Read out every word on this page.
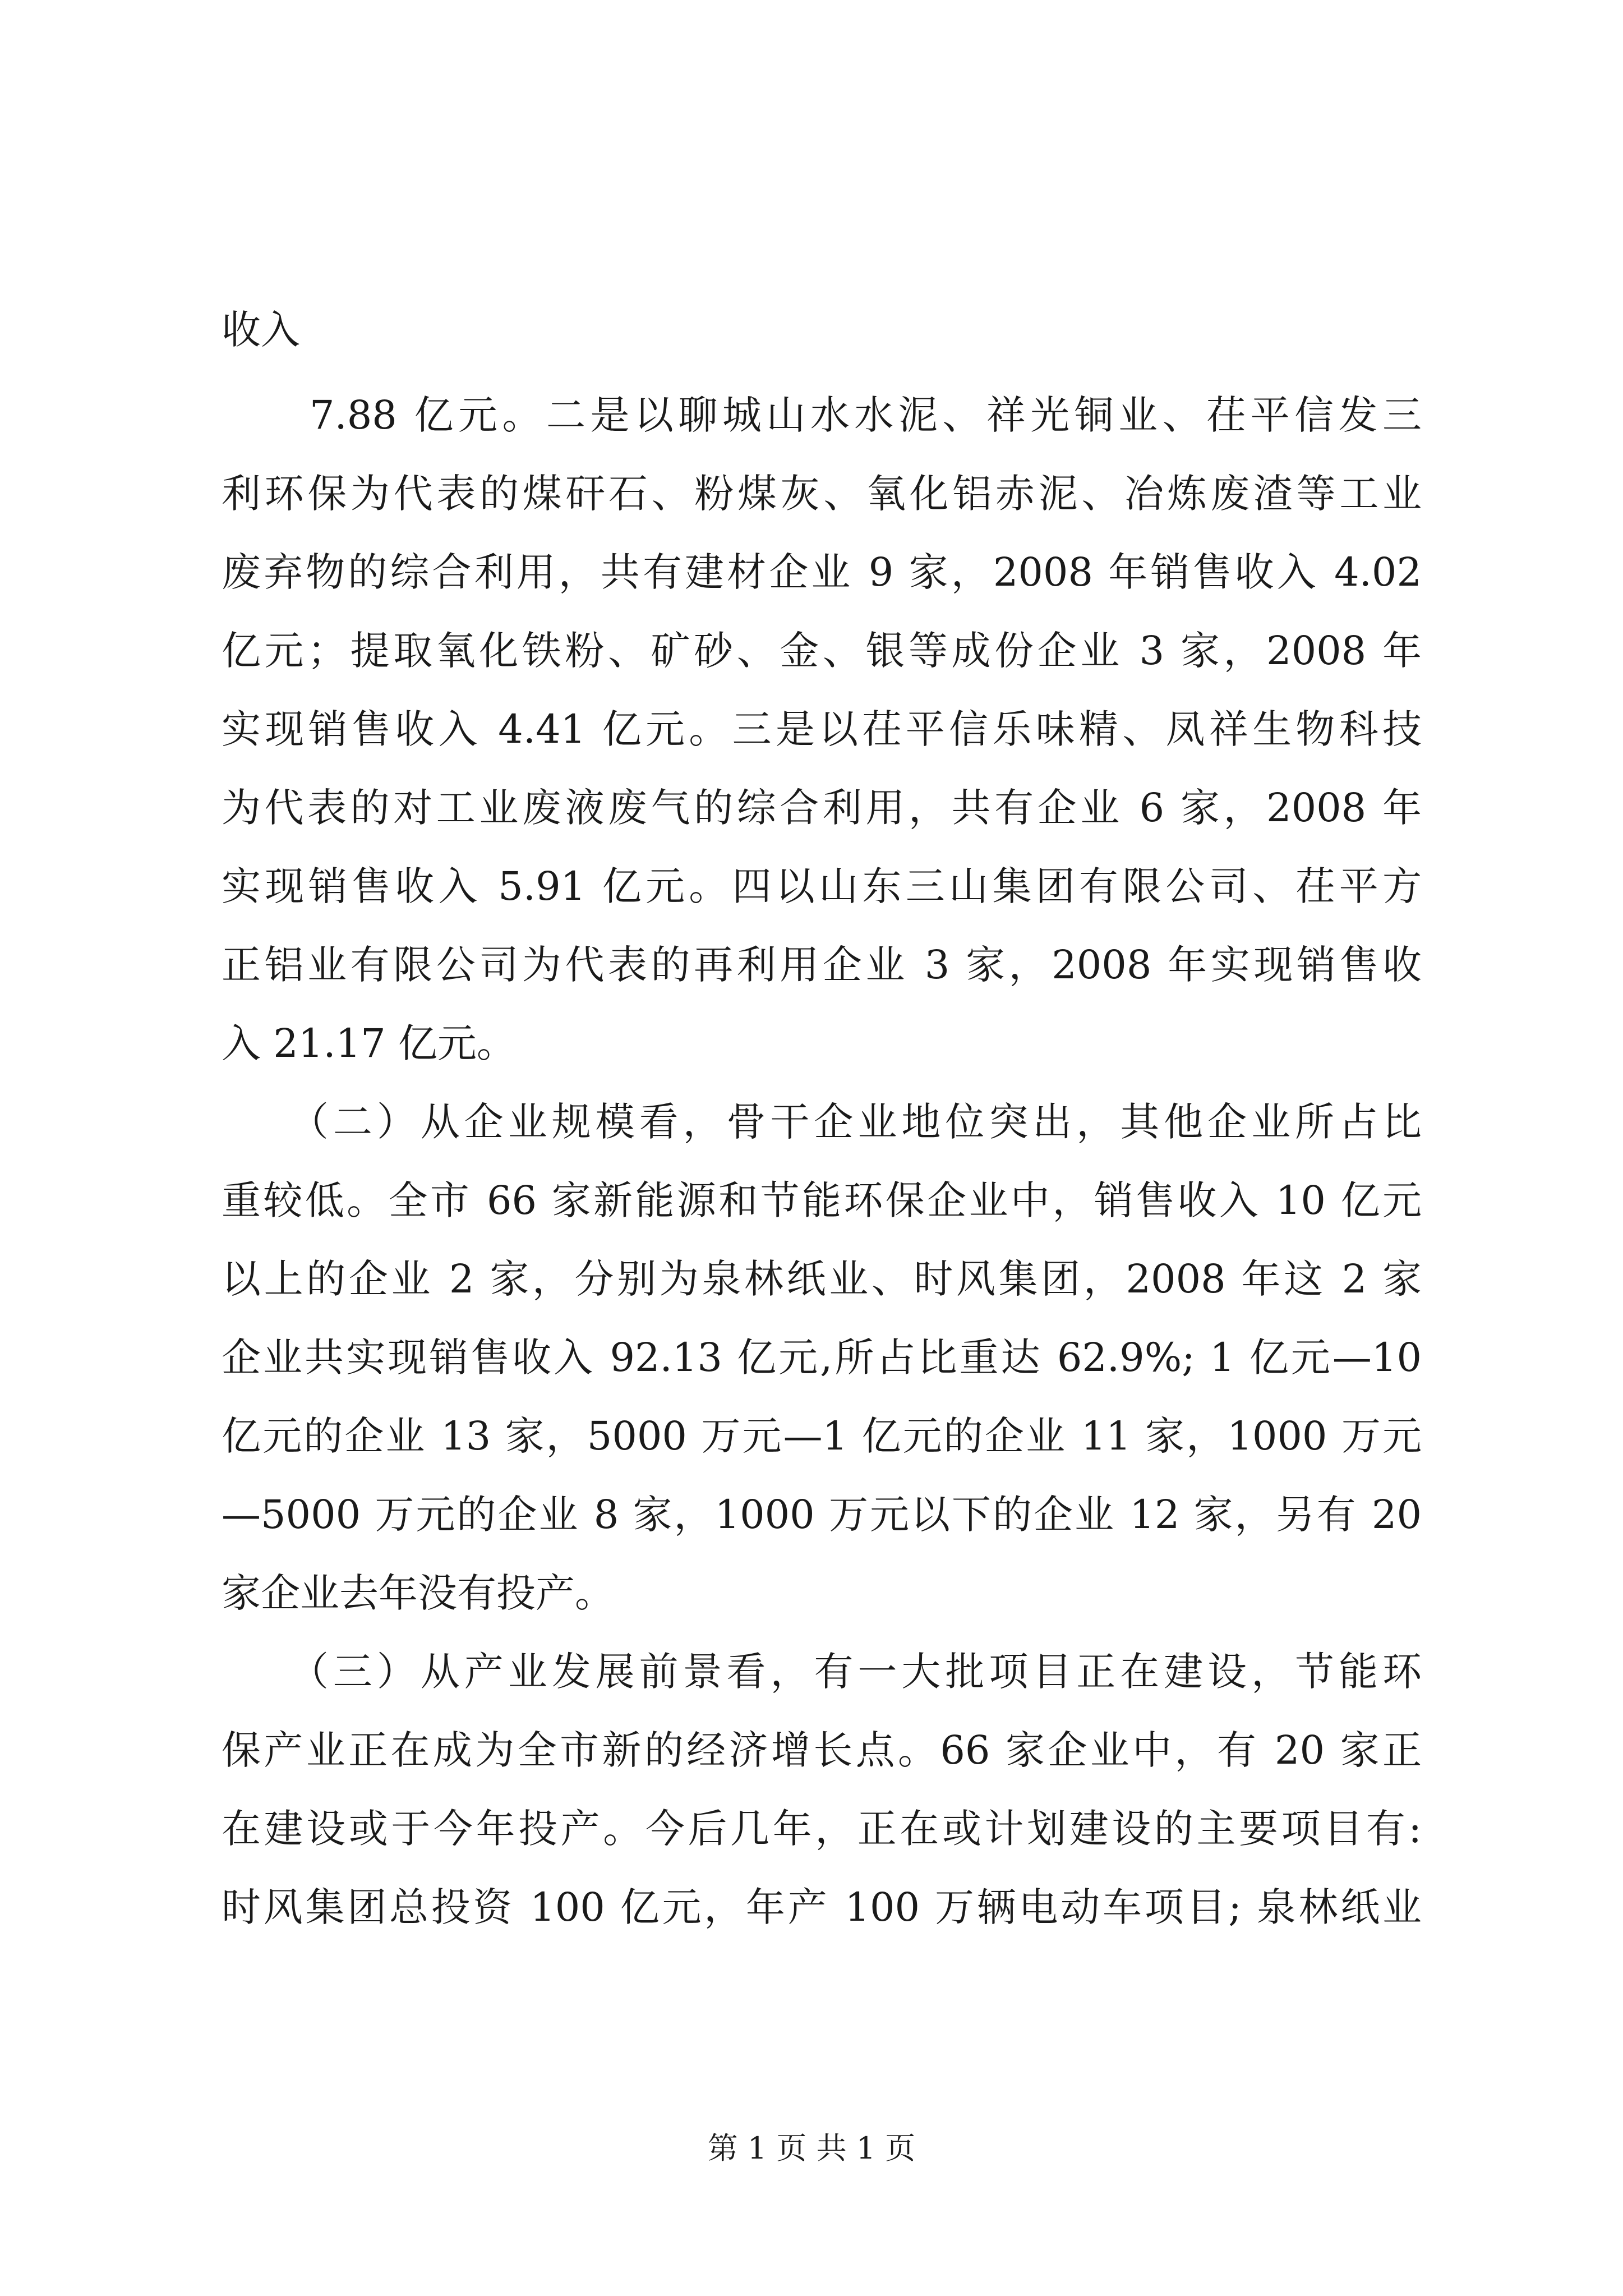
收入
　　7.88 亿元。二是以聊城山水水泥、祥光铜业、茌平信发三
利环保为代表的煤矸石、粉煤灰、氧化铝赤泥、冶炼废渣等工业
废弃物的综合利用，共有建材企业 9 家，2008 年销售收入 4.02
亿元；提取氧化铁粉、矿砂、金、银等成份企业 3 家，2008 年
实现销售收入 4.41 亿元。三是以茌平信乐味精、凤祥生物科技
为代表的对工业废液废气的综合利用，共有企业 6 家，2008 年
实现销售收入 5.91 亿元。四以山东三山集团有限公司、茌平方
正铝业有限公司为代表的再利用企业 3 家，2008 年实现销售收
入 21.17 亿元。
　　（二）从企业规模看，骨干企业地位突出，其他企业所占比
重较低。全市 66 家新能源和节能环保企业中，销售收入 10 亿元
以上的企业 2 家，分别为泉林纸业、时风集团，2008 年这 2 家
企业共实现销售收入 92.13 亿元,所占比重达 62.9%; 1 亿元—10
亿元的企业 13 家，5000 万元—1 亿元的企业 11 家，1000 万元
—5000 万元的企业 8 家，1000 万元以下的企业 12 家，另有 20
家企业去年没有投产。
　　（三）从产业发展前景看，有一大批项目正在建设，节能环
保产业正在成为全市新的经济增长点。66 家企业中，有 20 家正
在建设或于今年投产。今后几年，正在或计划建设的主要项目有:
时风集团总投资 100 亿元，年产 100 万辆电动车项目; 泉林纸业
第 1 页 共 1 页
